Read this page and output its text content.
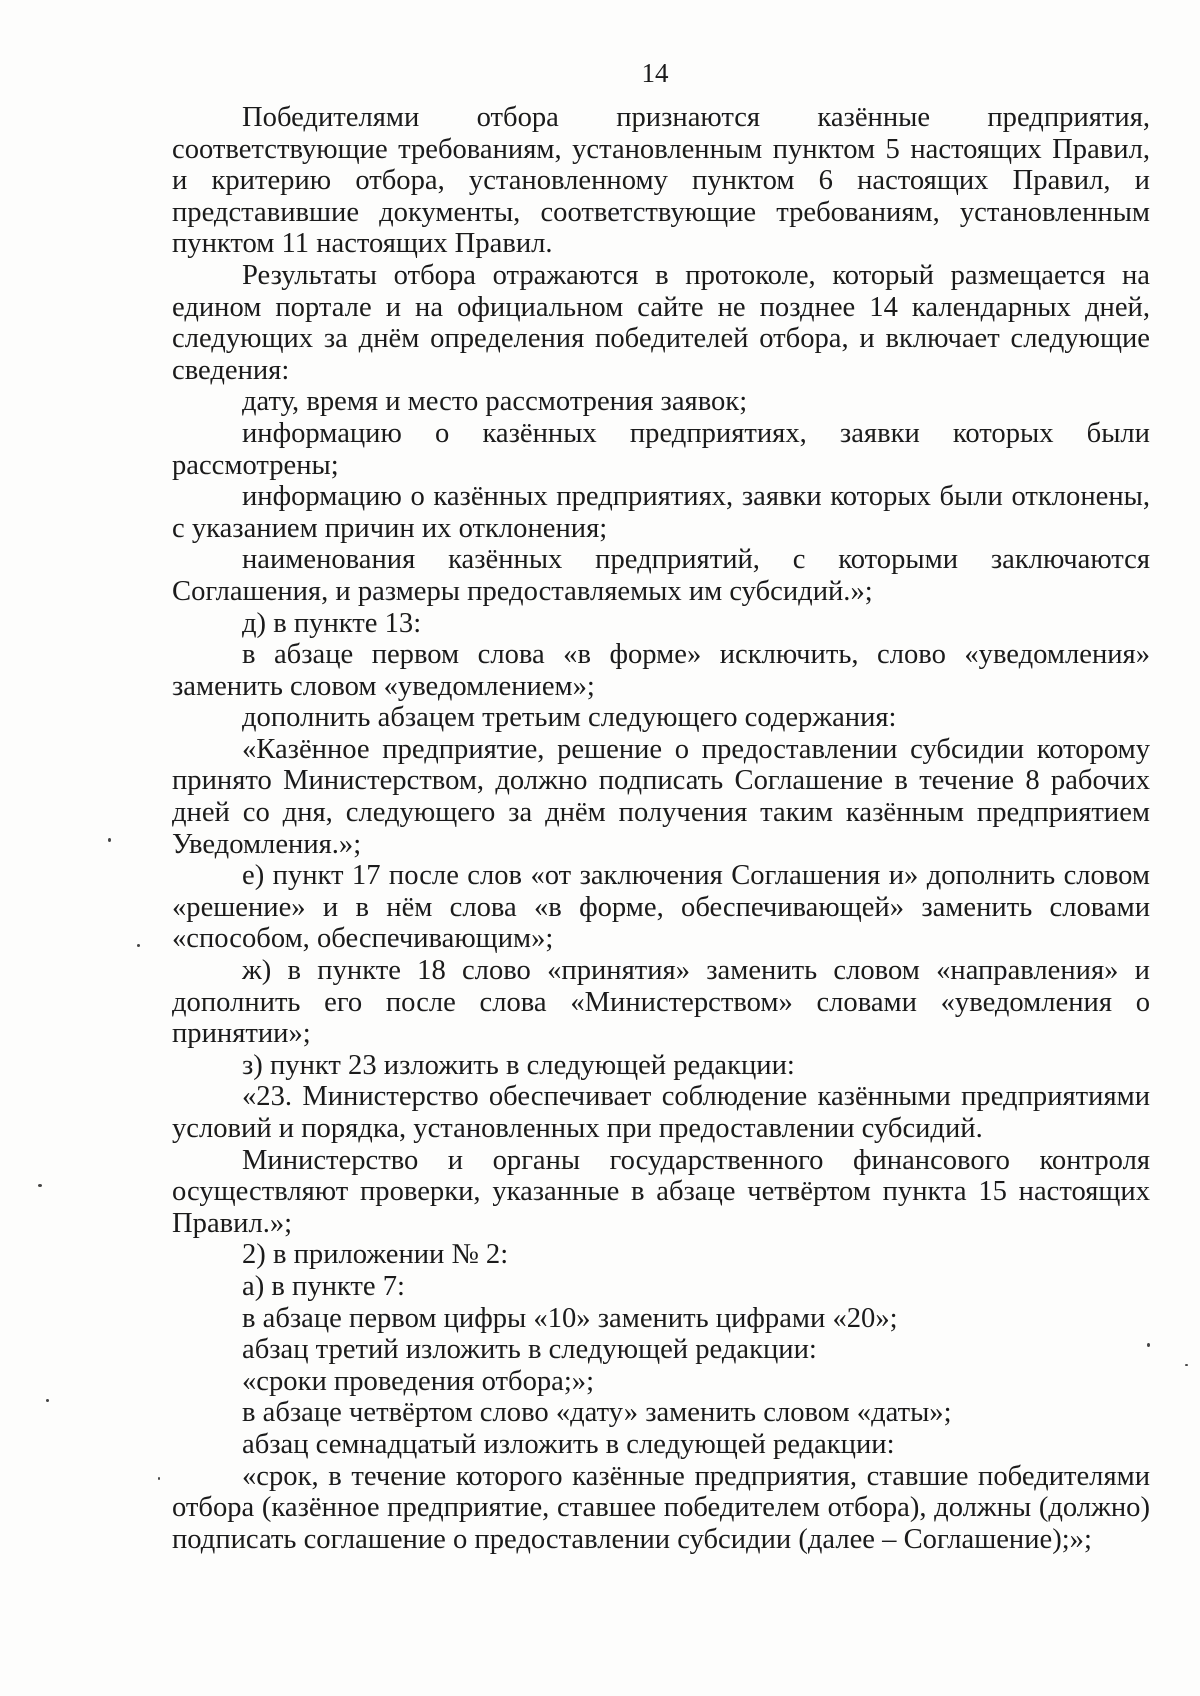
14

Победителями отбора признаются казённые предприятия, соответствующие требованиям, установленным пунктом 5 настоящих Правил, и критерию отбора, установленному пунктом 6 настоящих Правил, и представившие документы, соответствующие требованиям, установленным пунктом 11 настоящих Правил.

Результаты отбора отражаются в протоколе, который размещается на едином портале и на официальном сайте не позднее 14 календарных дней, следующих за днём определения победителей отбора, и включает следующие сведения:

дату, время и место рассмотрения заявок;

информацию о казённых предприятиях, заявки которых были рассмотрены;

информацию о казённых предприятиях, заявки которых были отклонены, с указанием причин их отклонения;

наименования казённых предприятий, с которыми заключаются Соглашения, и размеры предоставляемых им субсидий.»;

д) в пункте 13:

в абзаце первом слова «в форме» исключить, слово «уведомления» заменить словом «уведомлением»;

дополнить абзацем третьим следующего содержания:

«Казённое предприятие, решение о предоставлении субсидии которому принято Министерством, должно подписать Соглашение в течение 8 рабочих дней со дня, следующего за днём получения таким казённым предприятием Уведомления.»;

е) пункт 17 после слов «от заключения Соглашения и» дополнить словом «решение» и в нём слова «в форме, обеспечивающей» заменить словами «способом, обеспечивающим»;

ж) в пункте 18 слово «принятия» заменить словом «направления» и дополнить его после слова «Министерством» словами «уведомления о принятии»;

з) пункт 23 изложить в следующей редакции:

«23. Министерство обеспечивает соблюдение казёнными предприятиями условий и порядка, установленных при предоставлении субсидий.

Министерство и органы государственного финансового контроля осуществляют проверки, указанные в абзаце четвёртом пункта 15 настоящих Правил.»;

2) в приложении № 2:

а) в пункте 7:

в абзаце первом цифры «10» заменить цифрами «20»;

абзац третий изложить в следующей редакции:

«сроки проведения отбора;»;

в абзаце четвёртом слово «дату» заменить словом «даты»;

абзац семнадцатый изложить в следующей редакции:

«срок, в течение которого казённые предприятия, ставшие победителями отбора (казённое предприятие, ставшее победителем отбора), должны (должно) подписать соглашение о предоставлении субсидии (далее – Соглашение);»;
